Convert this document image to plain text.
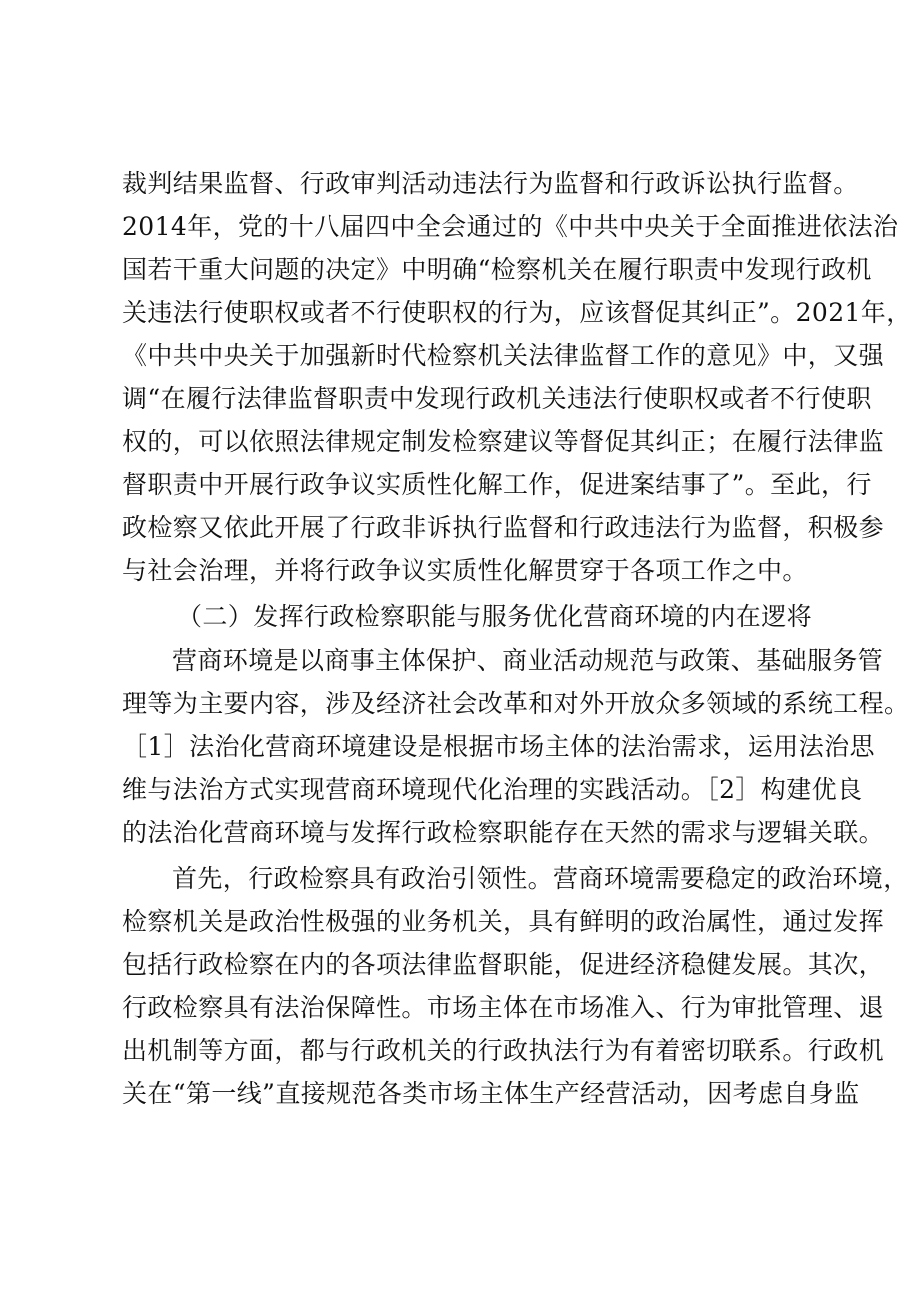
裁判结果监督、行政审判活动违法行为监督和行政诉讼执行监督。
2014年，党的十八届四中全会通过的《中共中央关于全面推进依法治
国若干重大问题的决定》中明确“检察机关在履行职责中发现行政机
关违法行使职权或者不行使职权的行为，应该督促其纠正”。2021年，
《中共中央关于加强新时代检察机关法律监督工作的意见》中，又强
调“在履行法律监督职责中发现行政机关违法行使职权或者不行使职
权的，可以依照法律规定制发检察建议等督促其纠正；在履行法律监
督职责中开展行政争议实质性化解工作，促进案结事了”。至此，行
政检察又依此开展了行政非诉执行监督和行政违法行为监督，积极参
与社会治理，并将行政争议实质性化解贯穿于各项工作之中。
（二）发挥行政检察职能与服务优化营商环境的内在逻将
营商环境是以商事主体保护、商业活动规范与政策、基础服务管
理等为主要内容，涉及经济社会改革和对外开放众多领域的系统工程。
［1］法治化营商环境建设是根据市场主体的法治需求，运用法治思
维与法治方式实现营商环境现代化治理的实践活动。［2］构建优良
的法治化营商环境与发挥行政检察职能存在天然的需求与逻辑关联。
首先，行政检察具有政治引领性。营商环境需要稳定的政治环境，
检察机关是政治性极强的业务机关，具有鲜明的政治属性，通过发挥
包括行政检察在内的各项法律监督职能，促进经济稳健发展。其次，
行政检察具有法治保障性。市场主体在市场准入、行为审批管理、退
出机制等方面，都与行政机关的行政执法行为有着密切联系。行政机
关在“第一线”直接规范各类市场主体生产经营活动，因考虑自身监
